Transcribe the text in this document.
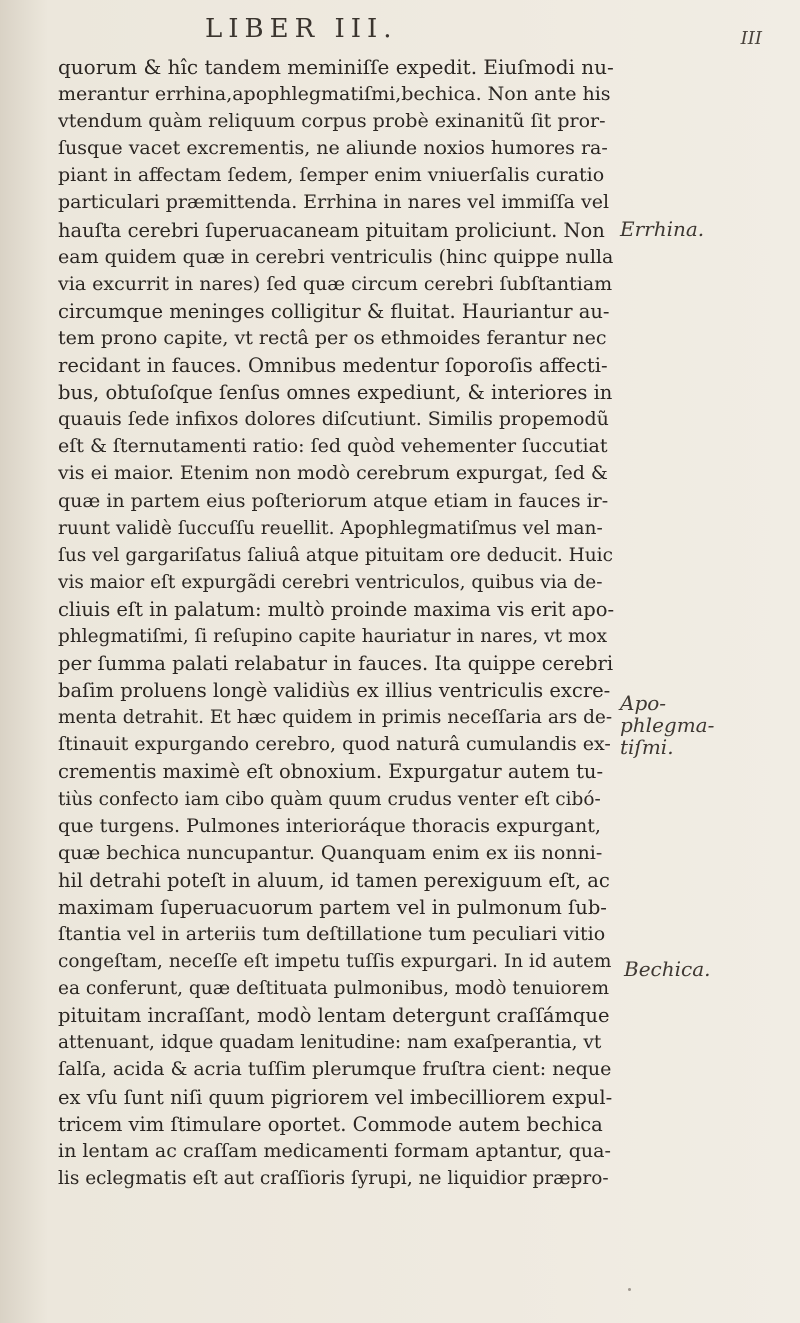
LIBER III.	III
quorum & hîc tandem meminiſſe expedit. Eiuſmodi nu-
merantur errhina,apophlegmatiſmi,bechica. Non ante his
vtendum quàm reliquum corpus probè exinanitũ ſit pror-
ſusque vacet excrementis, ne aliunde noxios humores ra-
piant in affectam ſedem, ſemper enim vniuerſalis curatio
particulari præmittenda. Errhina in nares vel immiſſa vel
hauſta cerebri ſuperuacaneam pituitam proliciunt. Non
eam quidem quæ in cerebri ventriculis (hinc quippe nulla
via excurrit in nares) ſed quæ circum cerebri ſubſtantiam
circumque meninges colligitur & fluitat. Hauriantur au-
tem prono capite, vt rectâ per os ethmoides ferantur nec
recidant in fauces. Omnibus medentur ſoporoſis affecti-
bus, obtuſoſque ſenſus omnes expediunt, & interiores in
quauis ſede infixos dolores diſcutiunt. Similis propemodũ
eſt & ſternutamenti ratio: ſed quòd vehementer ſuccutiat
vis ei maior. Etenim non modò cerebrum expurgat, ſed &
quæ in partem eius poſteriorum atque etiam in fauces ir-
ruunt validè ſuccuſſu reuellit. Apophlegmatiſmus vel man-
ſus vel gargariſatus ſaliuâ atque pituitam ore deducit. Huic
vis maior eſt expurgãdi cerebri ventriculos, quibus via de-
cliuis eſt in palatum: multò proinde maxima vis erit apo-
phlegmatiſmi, ſi reſupino capite hauriatur in nares, vt mox
per ſumma palati relabatur in fauces. Ita quippe cerebri
baſim proluens longè validiùs ex illius ventriculis excre-
menta detrahit. Et hæc quidem in primis neceſſaria ars de-
ſtinauit expurgando cerebro, quod naturâ cumulandis ex-
crementis maximè eſt obnoxium. Expurgatur autem tu-
tiùs confecto iam cibo quàm quum crudus venter eſt cibó-
que turgens. Pulmones interioráque thoracis expurgant,
quæ bechica nuncupantur. Quanquam enim ex iis nonni-
hil detrahi poteſt in aluum, id tamen perexiguum eſt, ac
maximam ſuperuacuorum partem vel in pulmonum ſub-
ſtantia vel in arteriis tum deſtillatione tum peculiari vitio
congeſtam, neceſſe eſt impetu tuſſis expurgari. In id autem
ea conferunt, quæ deſtituata pulmonibus, modò tenuiorem
pituitam incraſſant, modò lentam detergunt craſſámque
attenuant, idque quadam lenitudine: nam exaſperantia, vt
ſalſa, acida & acria tuſſim plerumque fruſtra cient: neque
ex vſu ſunt niſi quum pigriorem vel imbecilliorem expul-
tricem vim ſtimulare oportet. Commode autem bechica
in lentam ac craſſam medicamenti formam aptantur, qua-
lis eclegmatis eſt aut craſſioris ſyrupi, ne liquidior præpro-
Errhina.
Apo-phlegma-tiſmi.
Bechica.
